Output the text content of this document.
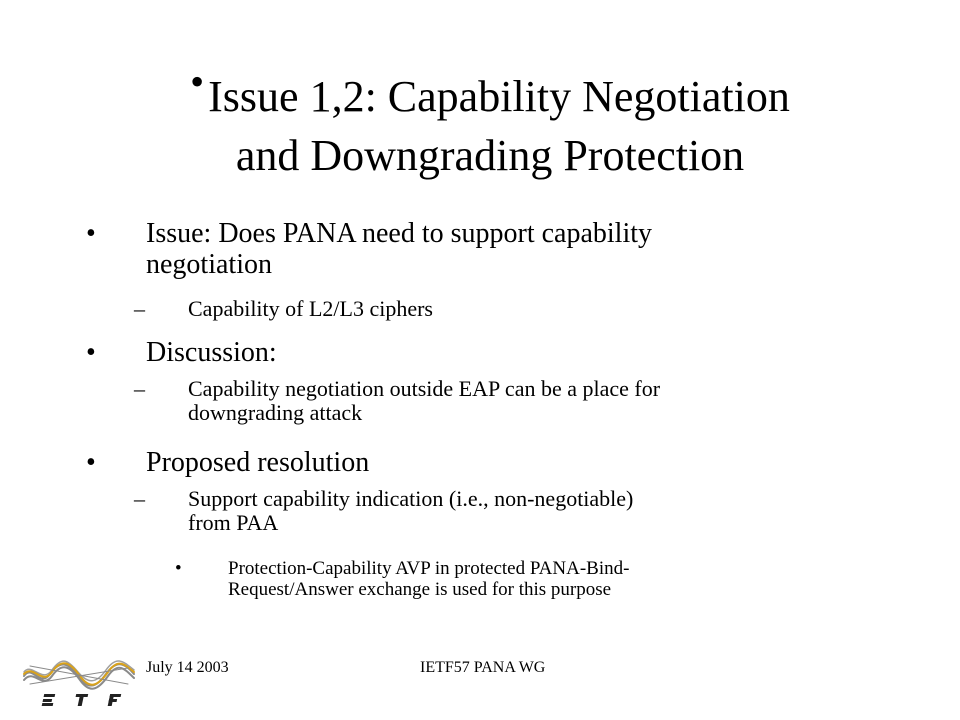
•Issue 1,2: Capability Negotiation
and Downgrading Protection
• Issue: Does PANA need to support capability
negotiation
– Capability of L2/L3 ciphers
• Discussion:
– Capability negotiation outside EAP can be a place for
downgrading attack
• Proposed resolution
– Support capability indication (i.e., non-negotiable)
from PAA
• Protection-Capability AVP in protected PANA-Bind-
Request/Answer exchange is used for this purpose
July 14 2003	IETF57 PANA WG
